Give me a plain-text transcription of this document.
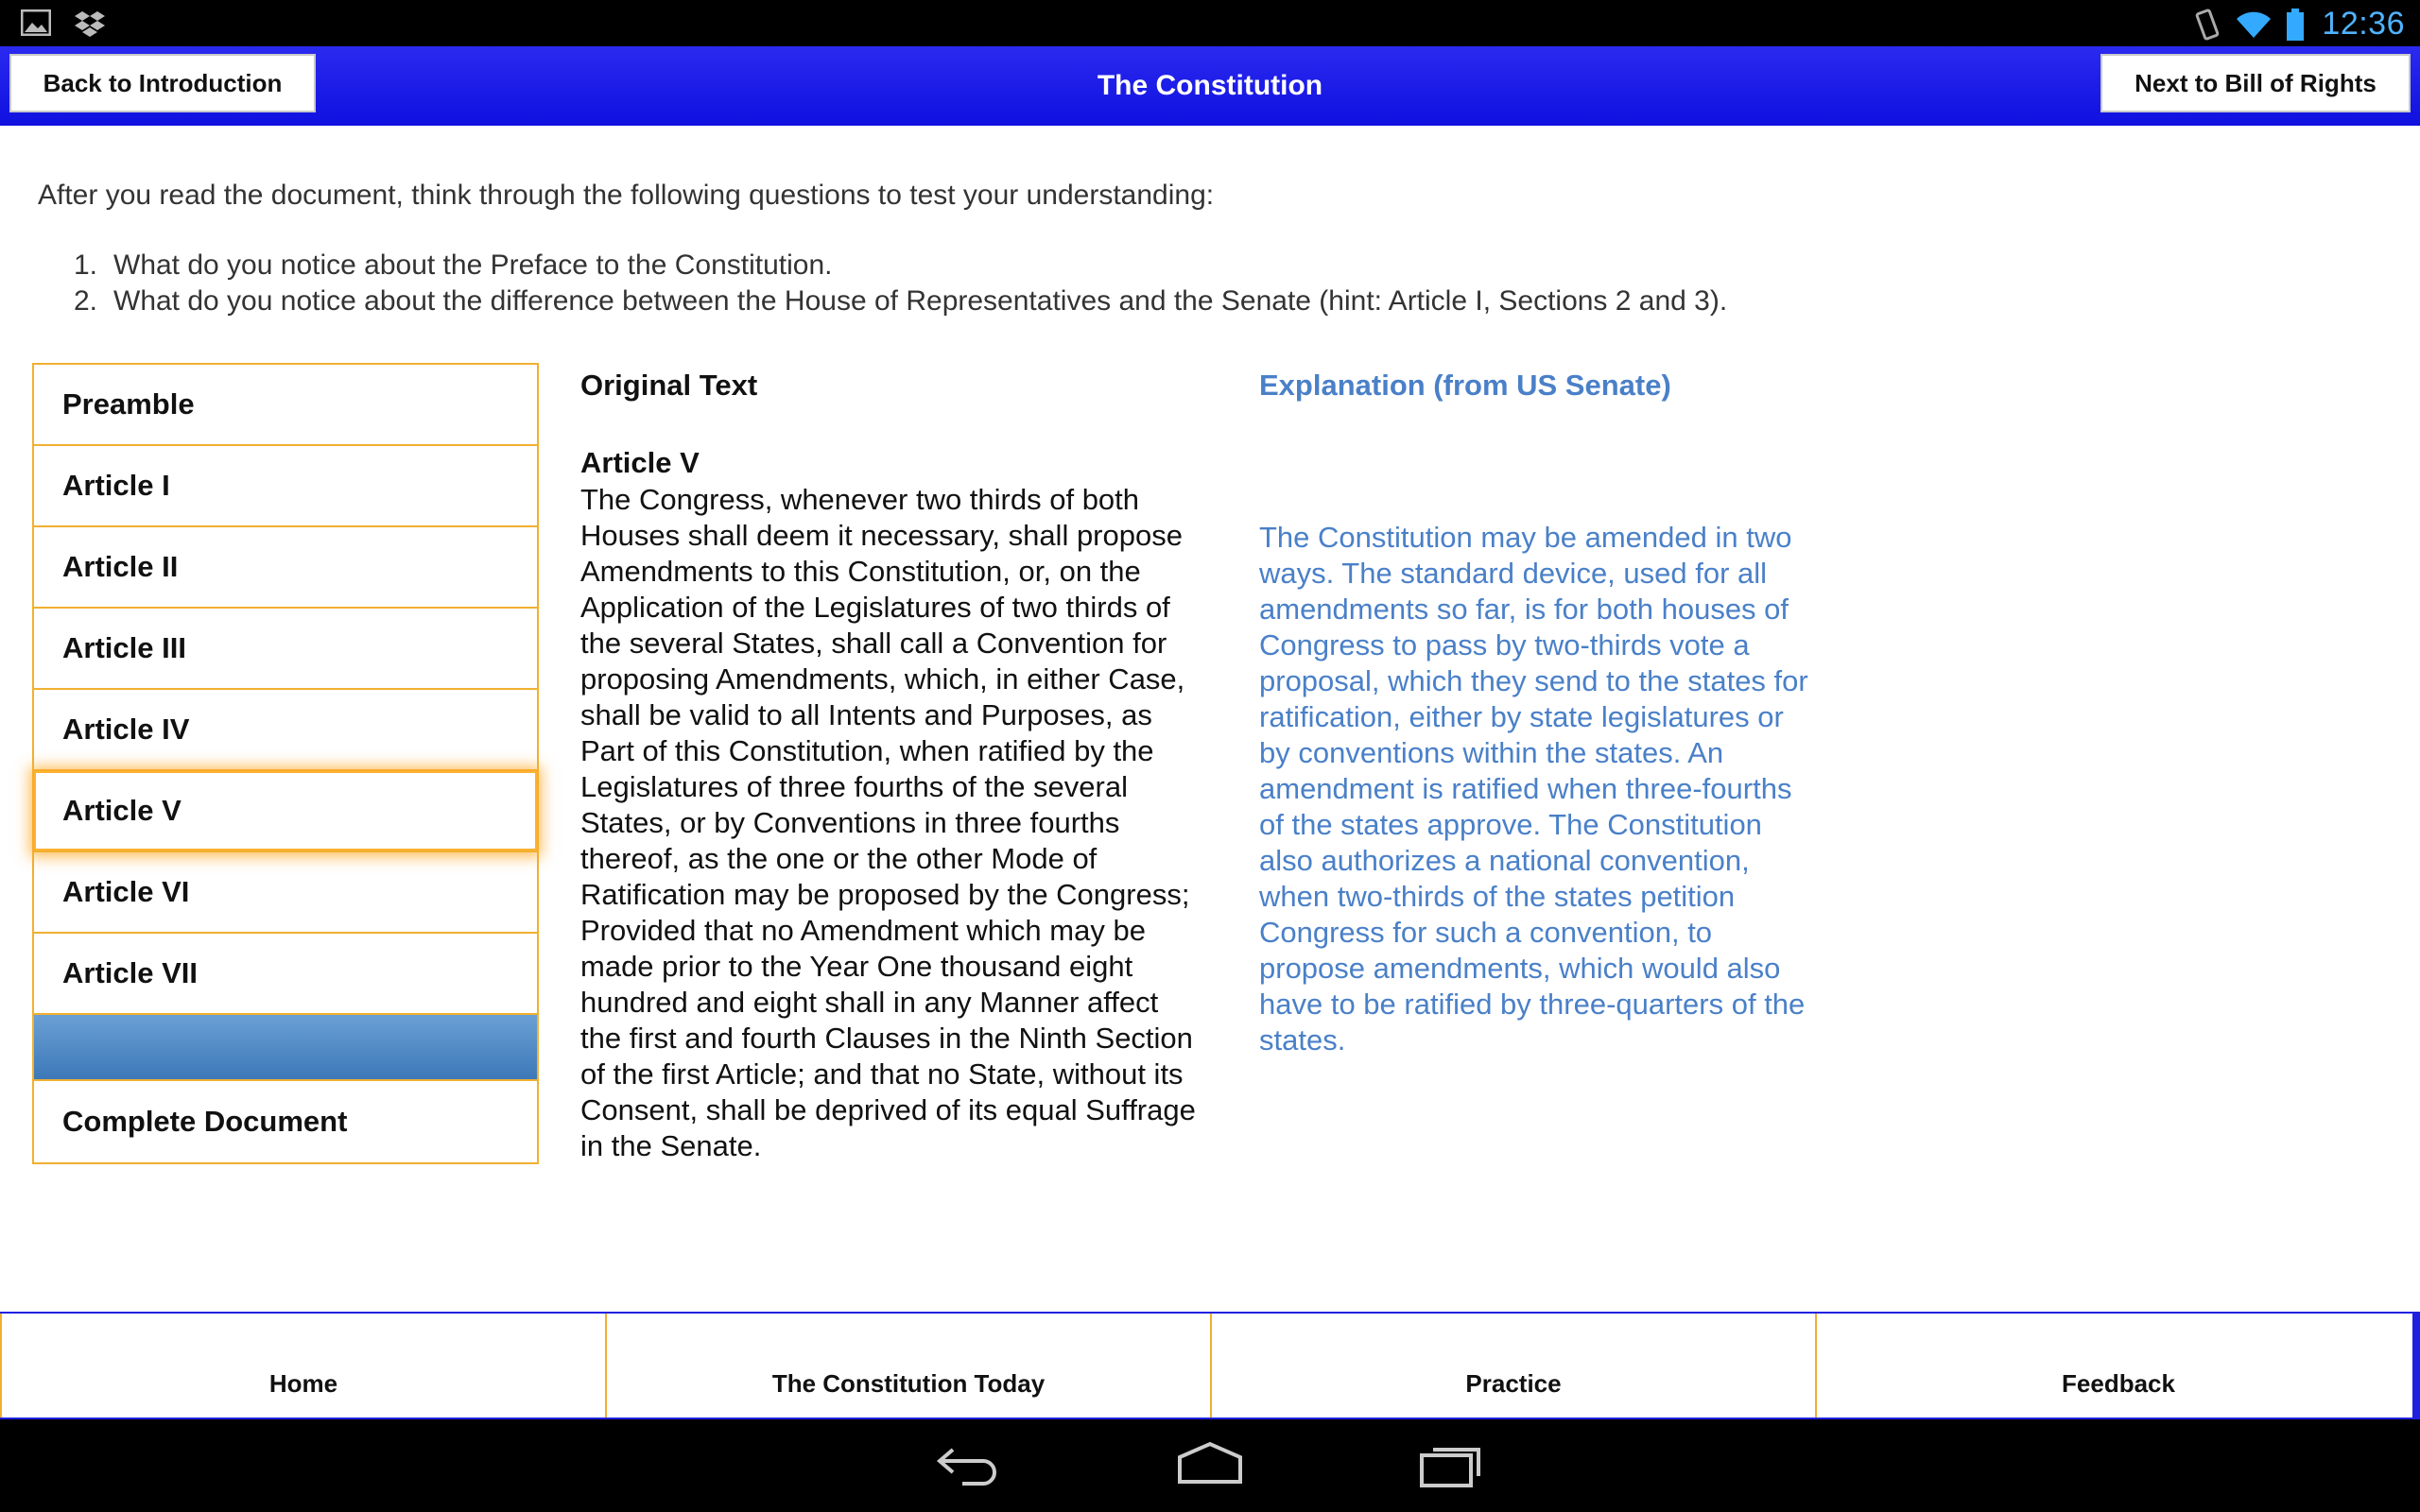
12:36
The Constitution
Back to Introduction	Next to Bill of Rights
After you read the document, think through the following questions to test your understanding:
1. What do you notice about the Preface to the Constitution.
2. What do you notice about the difference between the House of Representatives and the Senate (hint: Article I, Sections 2 and 3).
Preamble
Article I
Article II
Article III
Article IV
Article V
Article VI
Article VII
Complete Document
Original Text
Article V
The Congress, whenever two thirds of both
Houses shall deem it necessary, shall propose
Amendments to this Constitution, or, on the
Application of the Legislatures of two thirds of
the several States, shall call a Convention for
proposing Amendments, which, in either Case,
shall be valid to all Intents and Purposes, as
Part of this Constitution, when ratified by the
Legislatures of three fourths of the several
States, or by Conventions in three fourths
thereof, as the one or the other Mode of
Ratification may be proposed by the Congress;
Provided that no Amendment which may be
made prior to the Year One thousand eight
hundred and eight shall in any Manner affect
the first and fourth Clauses in the Ninth Section
of the first Article; and that no State, without its
Consent, shall be deprived of its equal Suffrage
in the Senate.
Explanation (from US Senate)
The Constitution may be amended in two
ways. The standard device, used for all
amendments so far, is for both houses of
Congress to pass by two-thirds vote a
proposal, which they send to the states for
ratification, either by state legislatures or
by conventions within the states. An
amendment is ratified when three-fourths
of the states approve. The Constitution
also authorizes a national convention,
when two-thirds of the states petition
Congress for such a convention, to
propose amendments, which would also
have to be ratified by three-quarters of the
states.
Home	The Constitution Today	Practice	Feedback
